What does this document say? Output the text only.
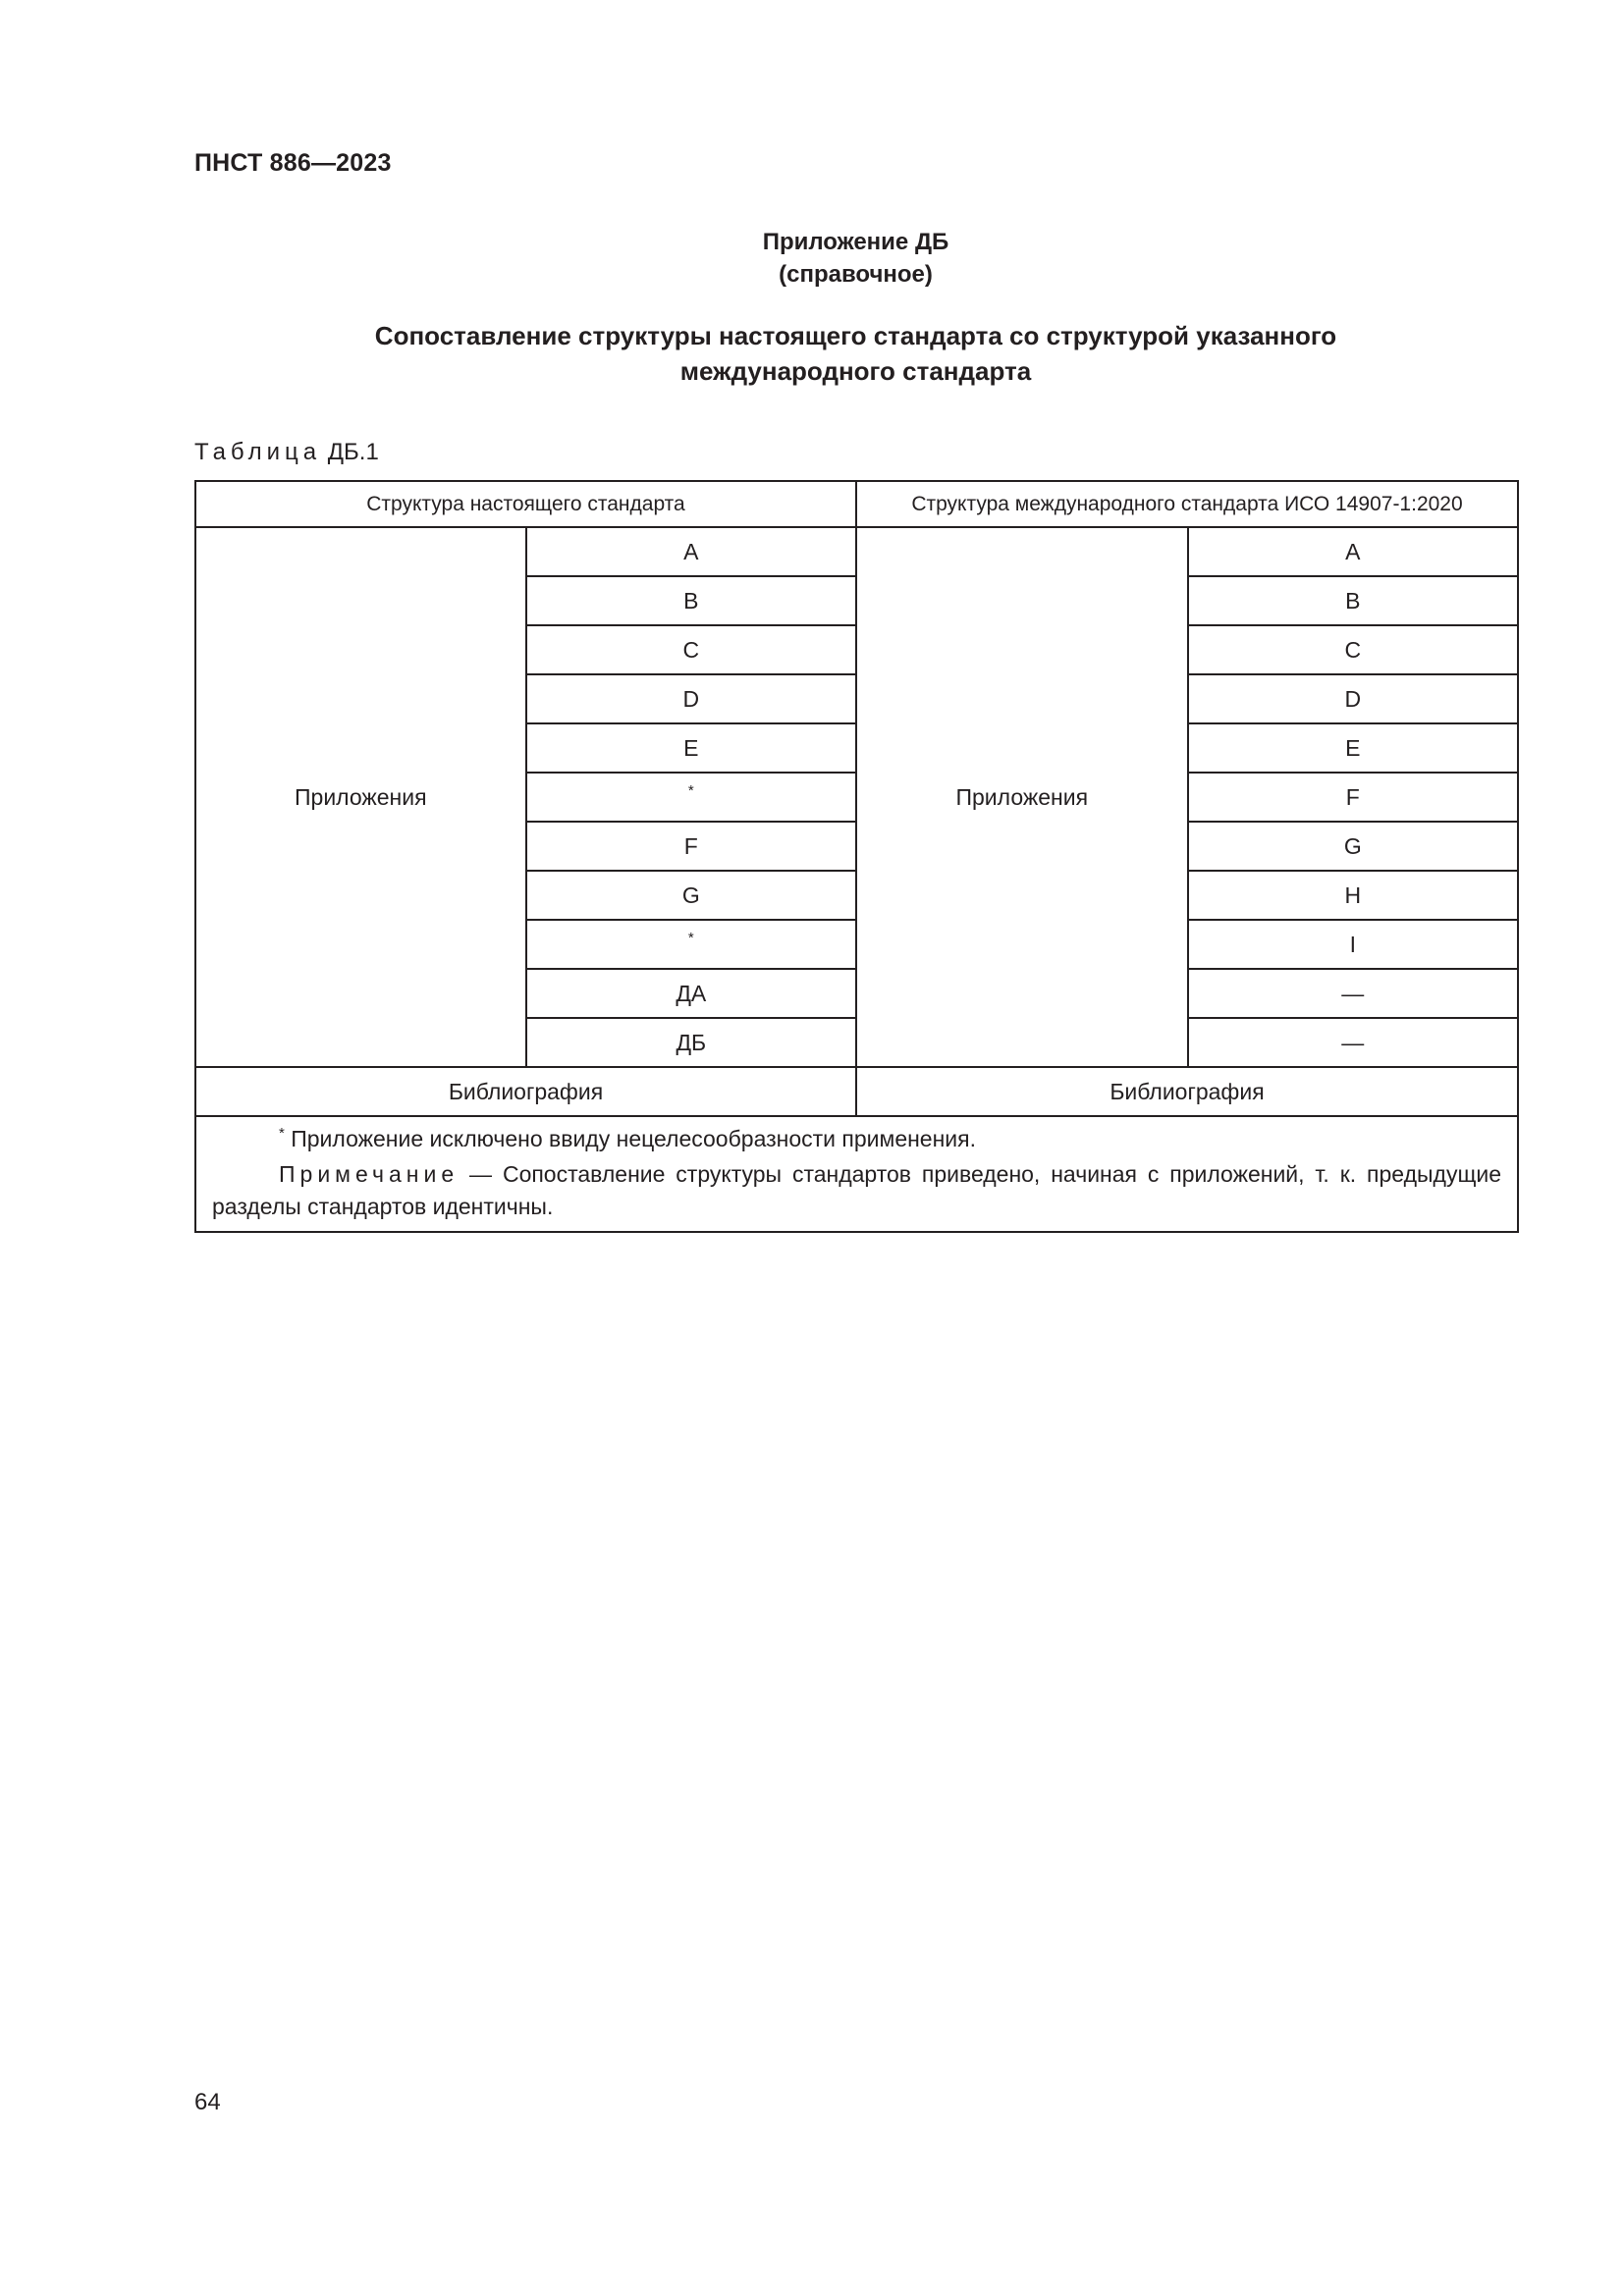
ПНСТ 886—2023
Приложение ДБ
(справочное)
Сопоставление структуры настоящего стандарта со структурой указанного
международного стандарта
Таблица ДБ.1
Структура настоящего стандарта		Структура международного стандарта ИСО 14907-1:2020	
Приложения	A	Приложения	A
	B		B
	C		C
	D		D
	E		E
	*		F
	F		G
	G		H
	*		I
	ДА		—
	ДБ		—
Библиография		Библиография	

* Приложение исключено ввиду нецелесообразности применения.
Примечание — Сопоставление структуры стандартов приведено, начиная с приложений, т. к. предыдущие разделы стандартов идентичны.			
64
